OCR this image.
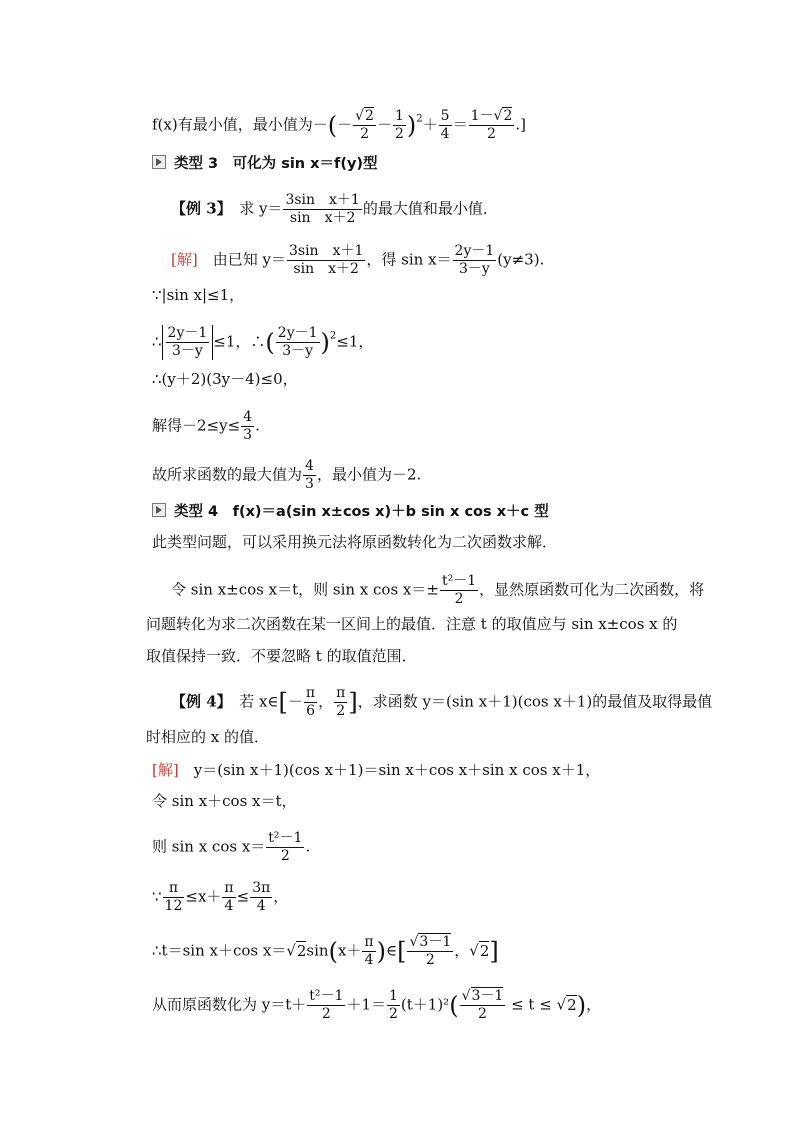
f(x)有最小值，最小值为－(－ $\frac{√2}{2} - \frac{1}{2} )^2+ \frac{5}{4} = \frac{1-√2}{2}$ .]
类型 3　 可化为 sin x＝f(y)型
【例 3】　 求 $y= \frac{\text{3sin　x＋1}}{\text{sin　x＋2}}$ 的最大值和最小值．
[解]　 由已知 $y= \frac{\text{3sin　x＋1}}{\text{sin　x＋2}}$ ，得 $\sin x= \frac{2y-1}{3-y} (y\ne 3)$.
∵|sin x|≤1，
∴ $\frac{2y-1}{3-y} \le 1$，∴( $\frac{2y-1}{3-y} )^2\le 1$，
∴(y＋2)(3y－4)≤0，
解得$-2\le y\le \frac{4}{3}$ .
故所求函数的最大值为 $\frac{4}{3}$ ，最小值为－2.
类型 4　 f(x)＝a(sin x±cos x)＋b sin x cos x＋c 型
此类型问题，可以采用换元法将原函数转化为二次函数求解．
令 sin x±cos x＝t，则 sin x $\cos x=\pm \frac{\text{t²－1}}{2}$ ，显然原函数可化为二次函数，将
问题转化为求二次函数在某一区间上的最值．注意 t 的取值应与 sin x±cos x 的
取值保持一致．不要忽略 t 的取值范围．
【例 4】　 若 x∈[－ $\frac{\pi}{6}$ ， $\frac{\pi}{2}$ ]，求函数 y＝(sin x＋1)(cos x＋1)的最值及取得最值
时相应的 x 的值．
[解]　 y＝(sin x＋1)(cos x＋1)＝sin x＋cos x＋sin x cos x＋1，
令 sin x＋cos x＝t，
则 sin x $\cos x= \frac{\text{t²－1}}{2}$ .
∵ $\frac{\pi}{12} \le x+ \frac{\pi}{4} \le \frac{3\pi}{4}$ ，
∴t＝sin x＋cos $x=√2\sin(x+ \frac{\pi}{4}$ )∈[ $\frac{√3-1}{2}$ ，√2]
从而原函数化为 $y=t+ \frac{\text{t²－1}}{2} +1= \frac{1}{2} (t+1)^2( \frac{√3-1}{2} \le t \le √2)$，
